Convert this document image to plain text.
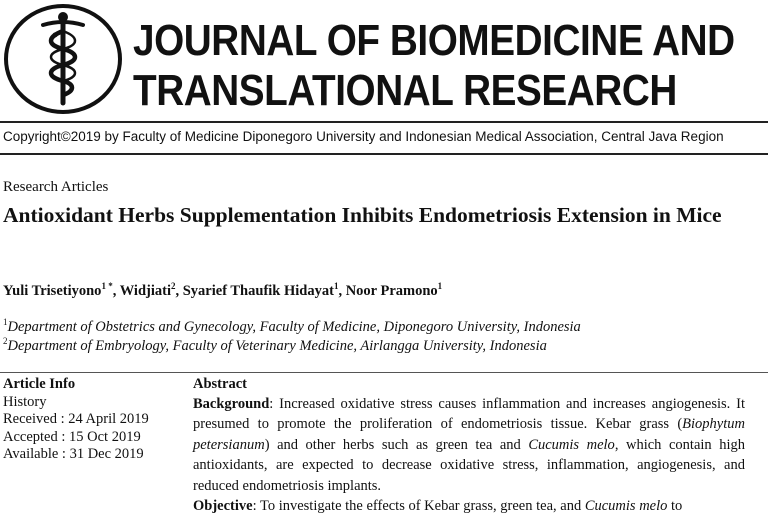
JOURNAL OF BIOMEDICINE AND
TRANSLATIONAL RESEARCH
Copyright©2019 by Faculty of Medicine Diponegoro University and Indonesian Medical Association, Central Java Region
Research Articles
Antioxidant Herbs Supplementation Inhibits Endometriosis Extension in Mice
Yuli Trisetiyono$^{1 *}$, Widjiati$^2$, Syarief Thaufik Hidayat$^1$, Noor Pramono$^1$
$^1$Department of Obstetrics and Gynecology, Faculty of Medicine, Diponegoro University, Indonesia
$^2$Department of Embryology, Faculty of Veterinary Medicine, Airlangga University, Indonesia
Article Info
History
Received : 24 April 2019
Accepted : 15 Oct 2019
Available : 31 Dec 2019
Abstract
Background: Increased oxidative stress causes inflammation and increases angiogenesis. It presumed to promote the proliferation of endometriosis tissue. Kebar grass (Biophytum petersianum) and other herbs such as green tea and Cucumis melo, which contain high antioxidants, are expected to decrease oxidative stress, inflammation, angiogenesis, and reduced endometriosis implants.
Objective: To investigate the effects of Kebar grass, green tea, and Cucumis melo to
